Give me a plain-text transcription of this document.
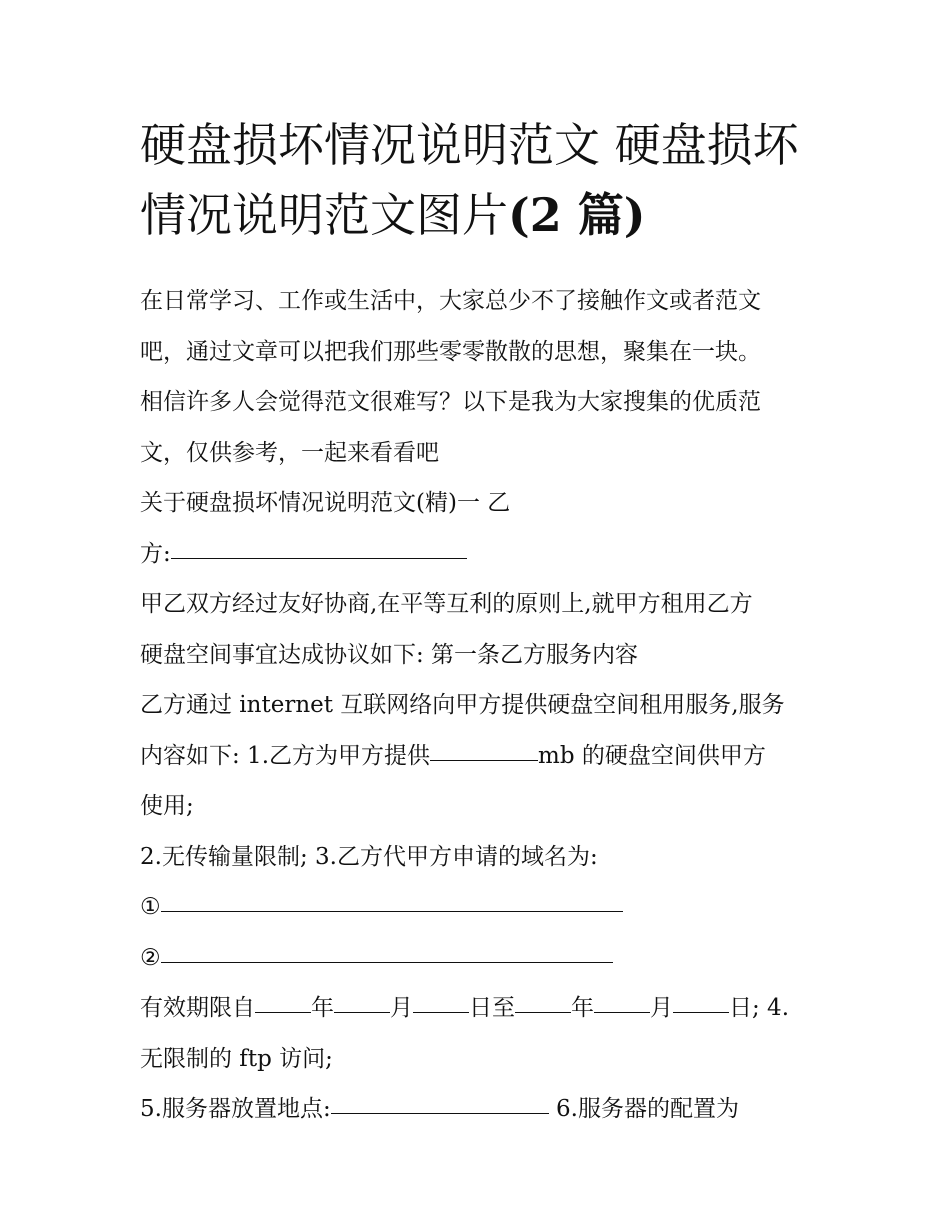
硬盘损坏情况说明范文 硬盘损坏情况说明范文图片(2 篇)

在日常学习、工作或生活中，大家总少不了接触作文或者范文

吧，通过文章可以把我们那些零零散散的思想，聚集在一块。

相信许多人会觉得范文很难写？以下是我为大家搜集的优质范

文，仅供参考，一起来看看吧

关于硬盘损坏情况说明范文(精)一 乙

方:

甲乙双方经过友好协商,在平等互利的原则上,就甲方租用乙方

硬盘空间事宜达成协议如下: 第一条乙方服务内容

乙方通过 internet 互联网络向甲方提供硬盘空间租用服务,服务

内容如下: 1.乙方为甲方提供	mb 的硬盘空间供甲方

使用;

2.无传输量限制; 3.乙方代甲方申请的域名为:

①

②

有效期限自 年 月 日至 年 月 日; 4.

无限制的 ftp 访问;

5.服务器放置地点:	6.服务器的配置为
